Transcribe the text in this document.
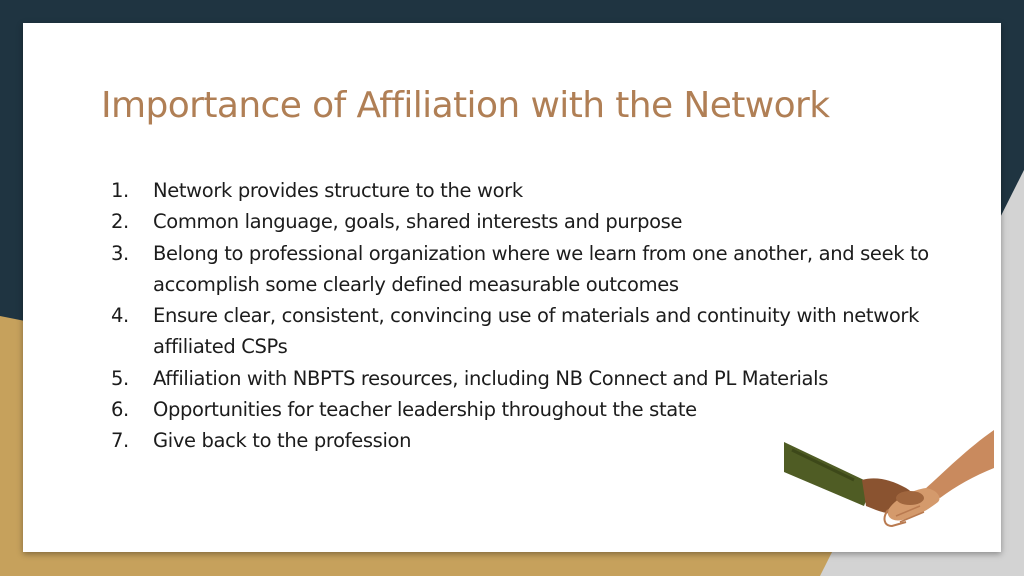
Importance of Affiliation with the Network
1. Network provides structure to the work
2. Common language, goals, shared interests and purpose
3. Belong to professional organization where we learn from one another, and seek to accomplish some clearly defined measurable outcomes
4. Ensure clear, consistent, convincing use of materials and continuity with network affiliated CSPs
5. Affiliation with NBPTS resources, including NB Connect and PL Materials
6. Opportunities for teacher leadership throughout the state
7. Give back to the profession
